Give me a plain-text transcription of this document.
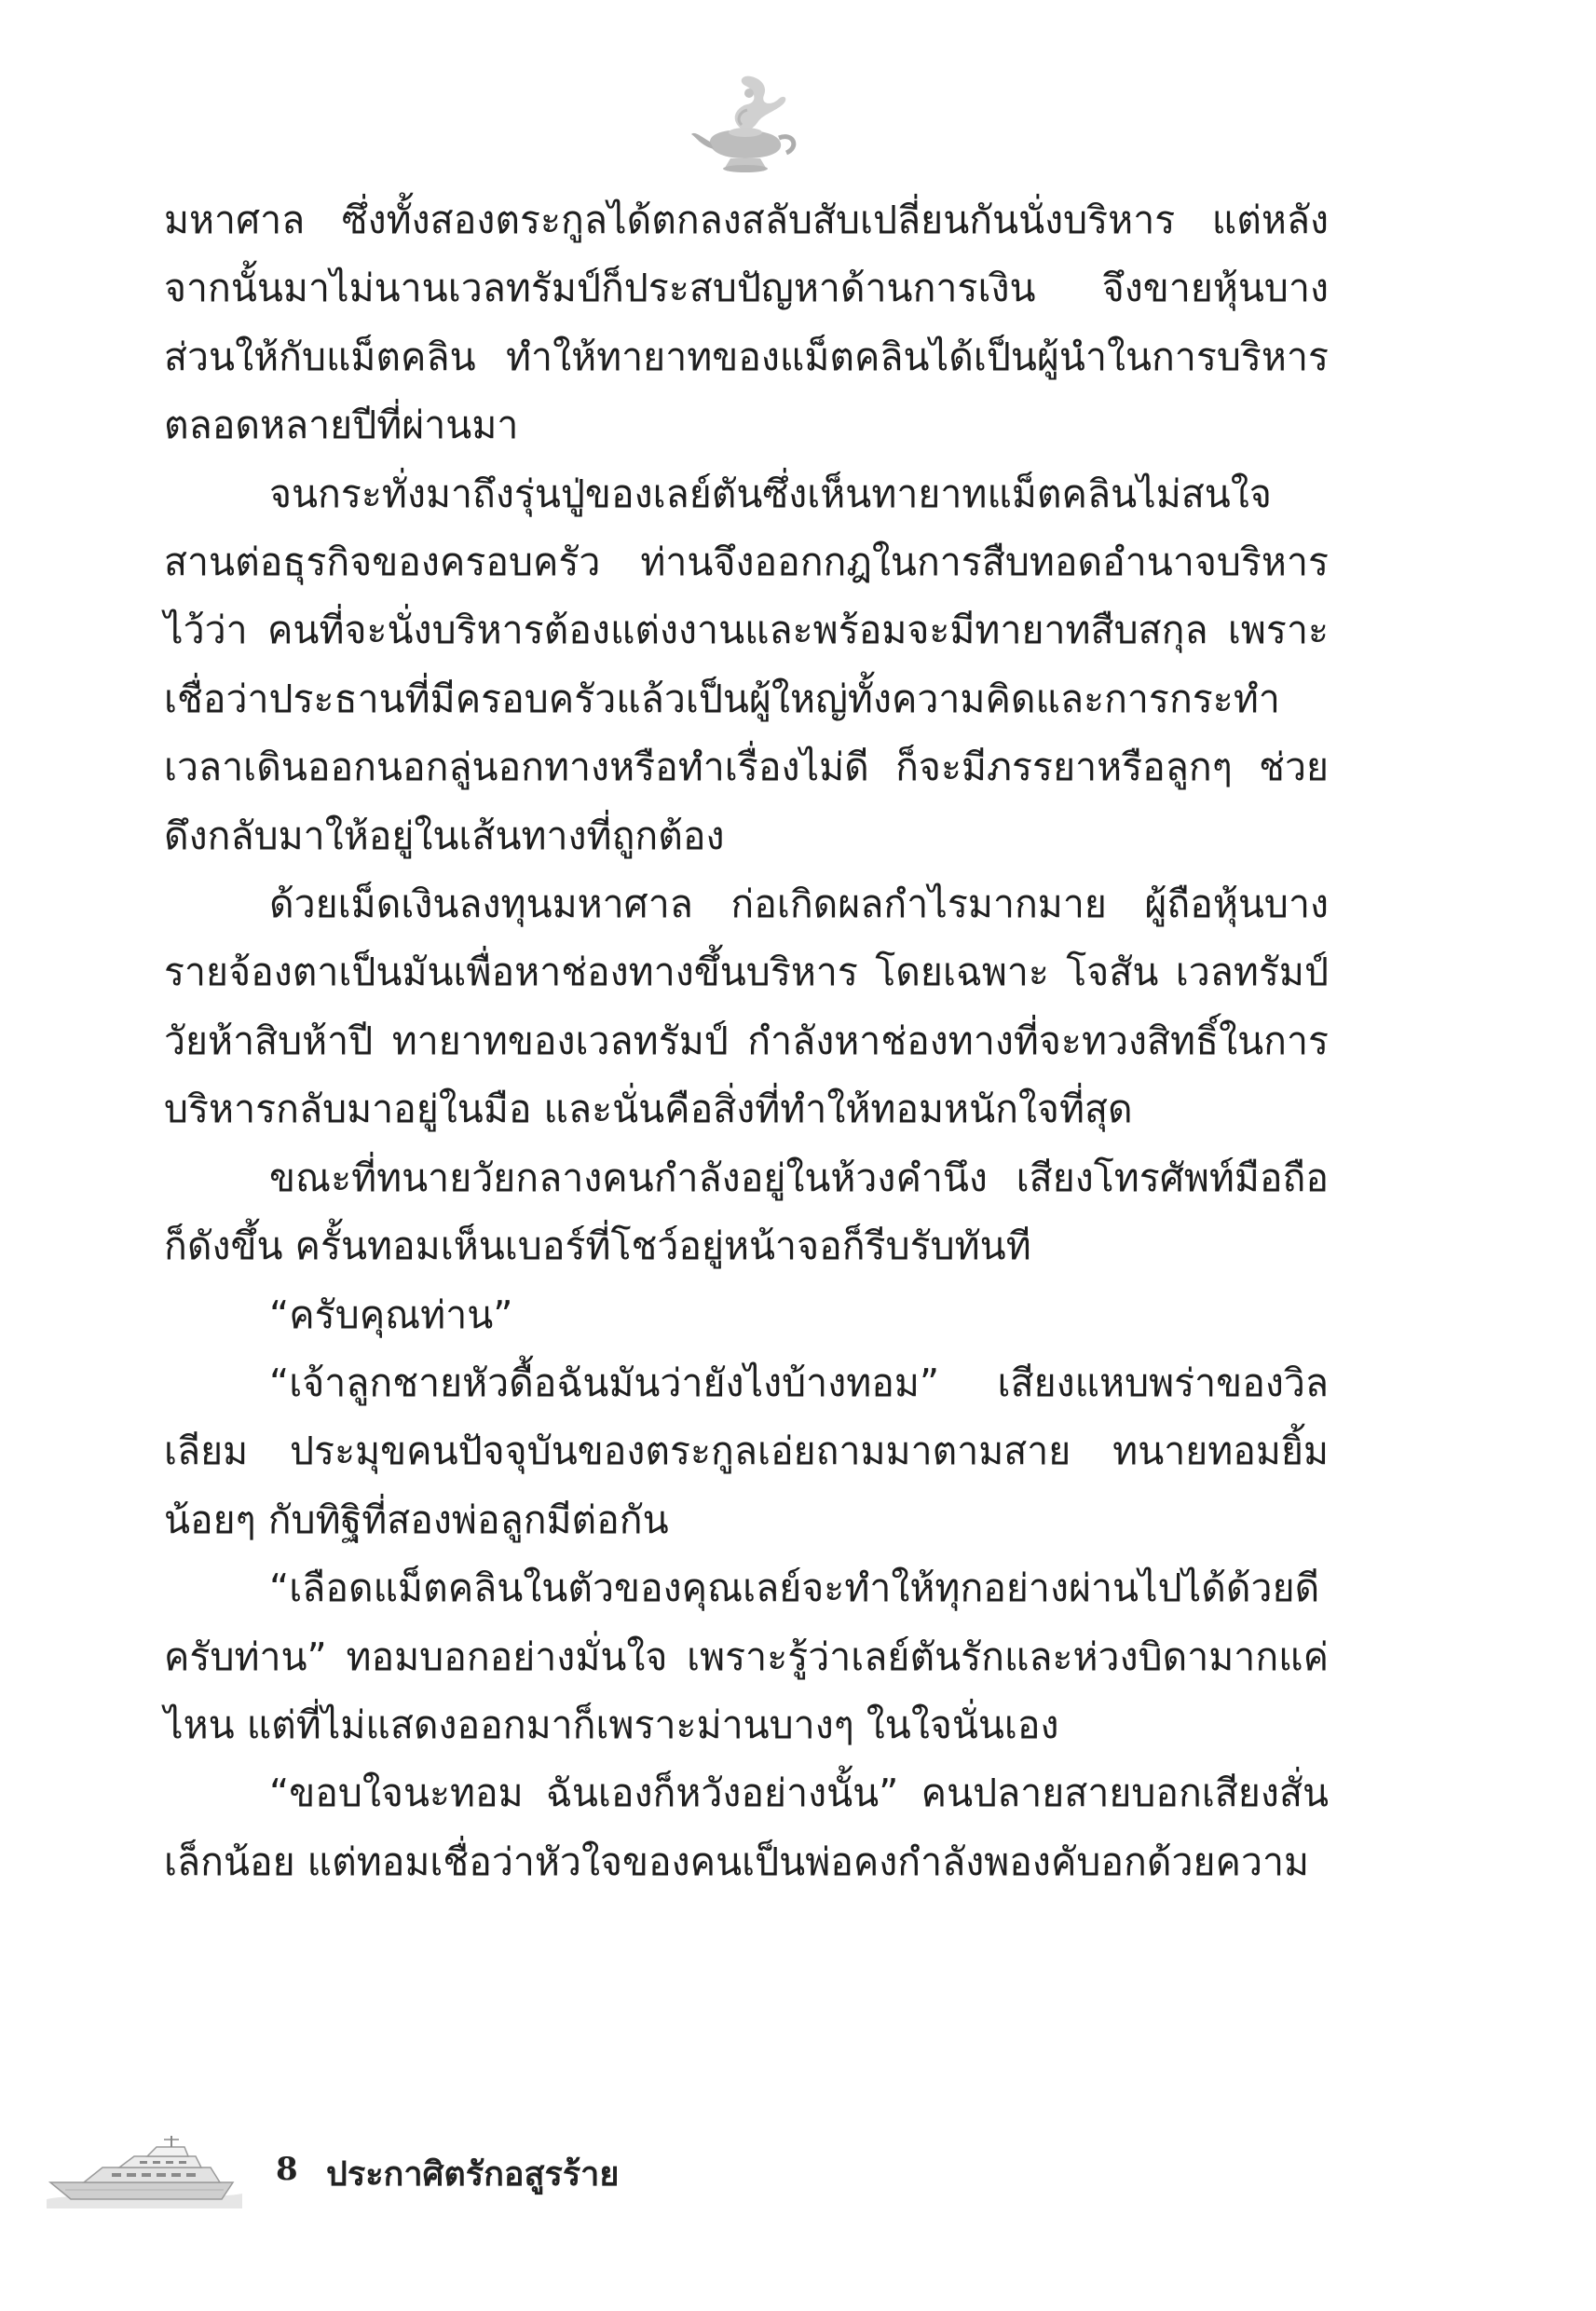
มหาศาล ซึ่งทั้งสองตระกูลได้ตกลงสลับสับเปลี่ยนกันนั่งบริหาร แต่หลังจากนั้นมาไม่นานเวลทรัมป์ก็ประสบปัญหาด้านการเงิน จึงขายหุ้นบางส่วนให้กับแม็ตคลิน ทำให้ทายาทของแม็ตคลินได้เป็นผู้นำในการบริหารตลอดหลายปีที่ผ่านมา

จนกระทั่งมาถึงรุ่นปู่ของเลย์ตันซึ่งเห็นทายาทแม็ตคลินไม่สนใจสานต่อธุรกิจของครอบครัว ท่านจึงออกกฎในการสืบทอดอำนาจบริหารไว้ว่า คนที่จะนั่งบริหารต้องแต่งงานและพร้อมจะมีทายาทสืบสกุล เพราะเชื่อว่าประธานที่มีครอบครัวแล้วเป็นผู้ใหญ่ทั้งความคิดและการกระทำ เวลาเดินออกนอกลู่นอกทางหรือทำเรื่องไม่ดี ก็จะมีภรรยาหรือลูกๆ ช่วยดึงกลับมาให้อยู่ในเส้นทางที่ถูกต้อง

ด้วยเม็ดเงินลงทุนมหาศาล ก่อเกิดผลกำไรมากมาย ผู้ถือหุ้นบางรายจ้องตาเป็นมันเพื่อหาช่องทางขึ้นบริหาร โดยเฉพาะ โจสัน เวลทรัมป์ วัยห้าสิบห้าปี ทายาทของเวลทรัมป์ กำลังหาช่องทางที่จะทวงสิทธิ์ในการบริหารกลับมาอยู่ในมือ และนั่นคือสิ่งที่ทำให้ทอมหนักใจที่สุด

ขณะที่ทนายวัยกลางคนกำลังอยู่ในห้วงคำนึง เสียงโทรศัพท์มือถือก็ดังขึ้น ครั้นทอมเห็นเบอร์ที่โชว์อยู่หน้าจอก็รีบรับทันที

“ครับคุณท่าน”

“เจ้าลูกชายหัวดื้อฉันมันว่ายังไงบ้างทอม” เสียงแหบพร่าของวิลเลียม ประมุขคนปัจจุบันของตระกูลเอ่ยถามมาตามสาย ทนายทอมยิ้มน้อยๆ กับทิฐิที่สองพ่อลูกมีต่อกัน

“เลือดแม็ตคลินในตัวของคุณเลย์จะทำให้ทุกอย่างผ่านไปได้ด้วยดีครับท่าน” ทอมบอกอย่างมั่นใจ เพราะรู้ว่าเลย์ตันรักและห่วงบิดามากแค่ไหน แต่ที่ไม่แสดงออกมาก็เพราะม่านบางๆ ในใจนั่นเอง

“ขอบใจนะทอม ฉันเองก็หวังอย่างนั้น” คนปลายสายบอกเสียงสั่นเล็กน้อย แต่ทอมเชื่อว่าหัวใจของคนเป็นพ่อคงกำลังพองคับอกด้วยความ

8 ประกาศิตรักอสูรร้าย
